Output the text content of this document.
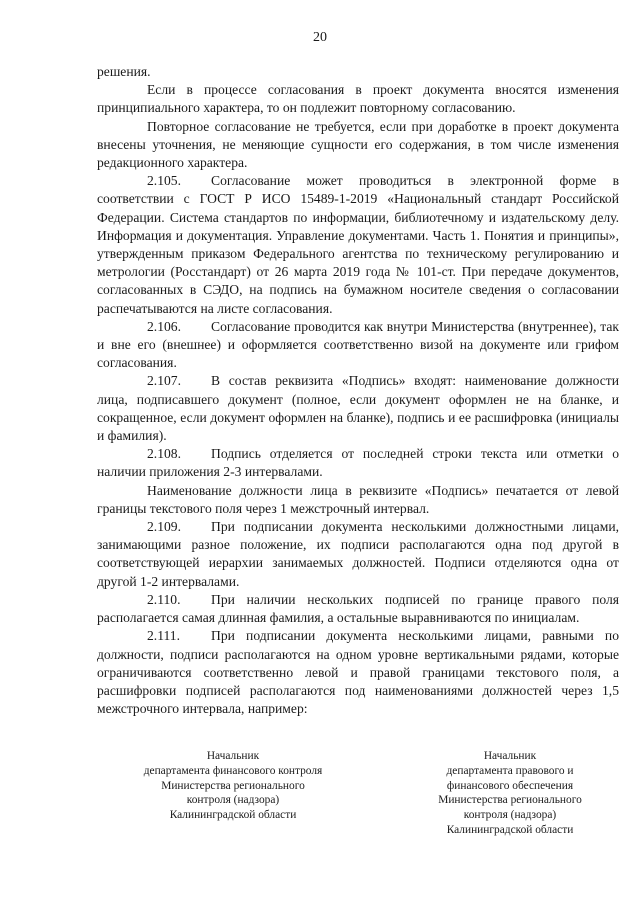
20

решения.

Если в процессе согласования в проект документа вносятся изменения принципиального характера, то он подлежит повторному согласованию.

Повторное согласование не требуется, если при доработке в проект документа внесены уточнения, не меняющие сущности его содержания, в том числе изменения редакционного характера.

2.105. Согласование может проводиться в электронной форме в соответствии с ГОСТ Р ИСО 15489-1-2019 «Национальный стандарт Российской Федерации. Система стандартов по информации, библиотечному и издательскому делу. Информация и документация. Управление документами. Часть 1. Понятия и принципы», утвержденным приказом Федерального агентства по техническому регулированию и метрологии (Росстандарт) от 26 марта 2019 года № 101-ст. При передаче документов, согласованных в СЭДО, на подпись на бумажном носителе сведения о согласовании распечатываются на листе согласования.

2.106. Согласование проводится как внутри Министерства (внутреннее), так и вне его (внешнее) и оформляется соответственно визой на документе или грифом согласования.

2.107. В состав реквизита «Подпись» входят: наименование должности лица, подписавшего документ (полное, если документ оформлен не на бланке, и сокращенное, если документ оформлен на бланке), подпись и ее расшифровка (инициалы и фамилия).

2.108. Подпись отделяется от последней строки текста или отметки о наличии приложения 2-3 интервалами.

Наименование должности лица в реквизите «Подпись» печатается от левой границы текстового поля через 1 межстрочный интервал.

2.109. При подписании документа несколькими должностными лицами, занимающими разное положение, их подписи располагаются одна под другой в соответствующей иерархии занимаемых должностей. Подписи отделяются одна от другой 1-2 интервалами.

2.110. При наличии нескольких подписей по границе правого поля располагается самая длинная фамилия, а остальные выравниваются по инициалам.

2.111. При подписании документа несколькими лицами, равными по должности, подписи располагаются на одном уровне вертикальными рядами, которые ограничиваются соответственно левой и правой границами текстового поля, а расшифровки подписей располагаются под наименованиями должностей через 1,5 межстрочного интервала, например:

Начальник
департамента финансового контроля
Министерства регионального
контроля (надзора)
Калининградской области
Начальник
департамента правового и
финансового обеспечения
Министерства регионального
контроля (надзора)
Калининградской области
